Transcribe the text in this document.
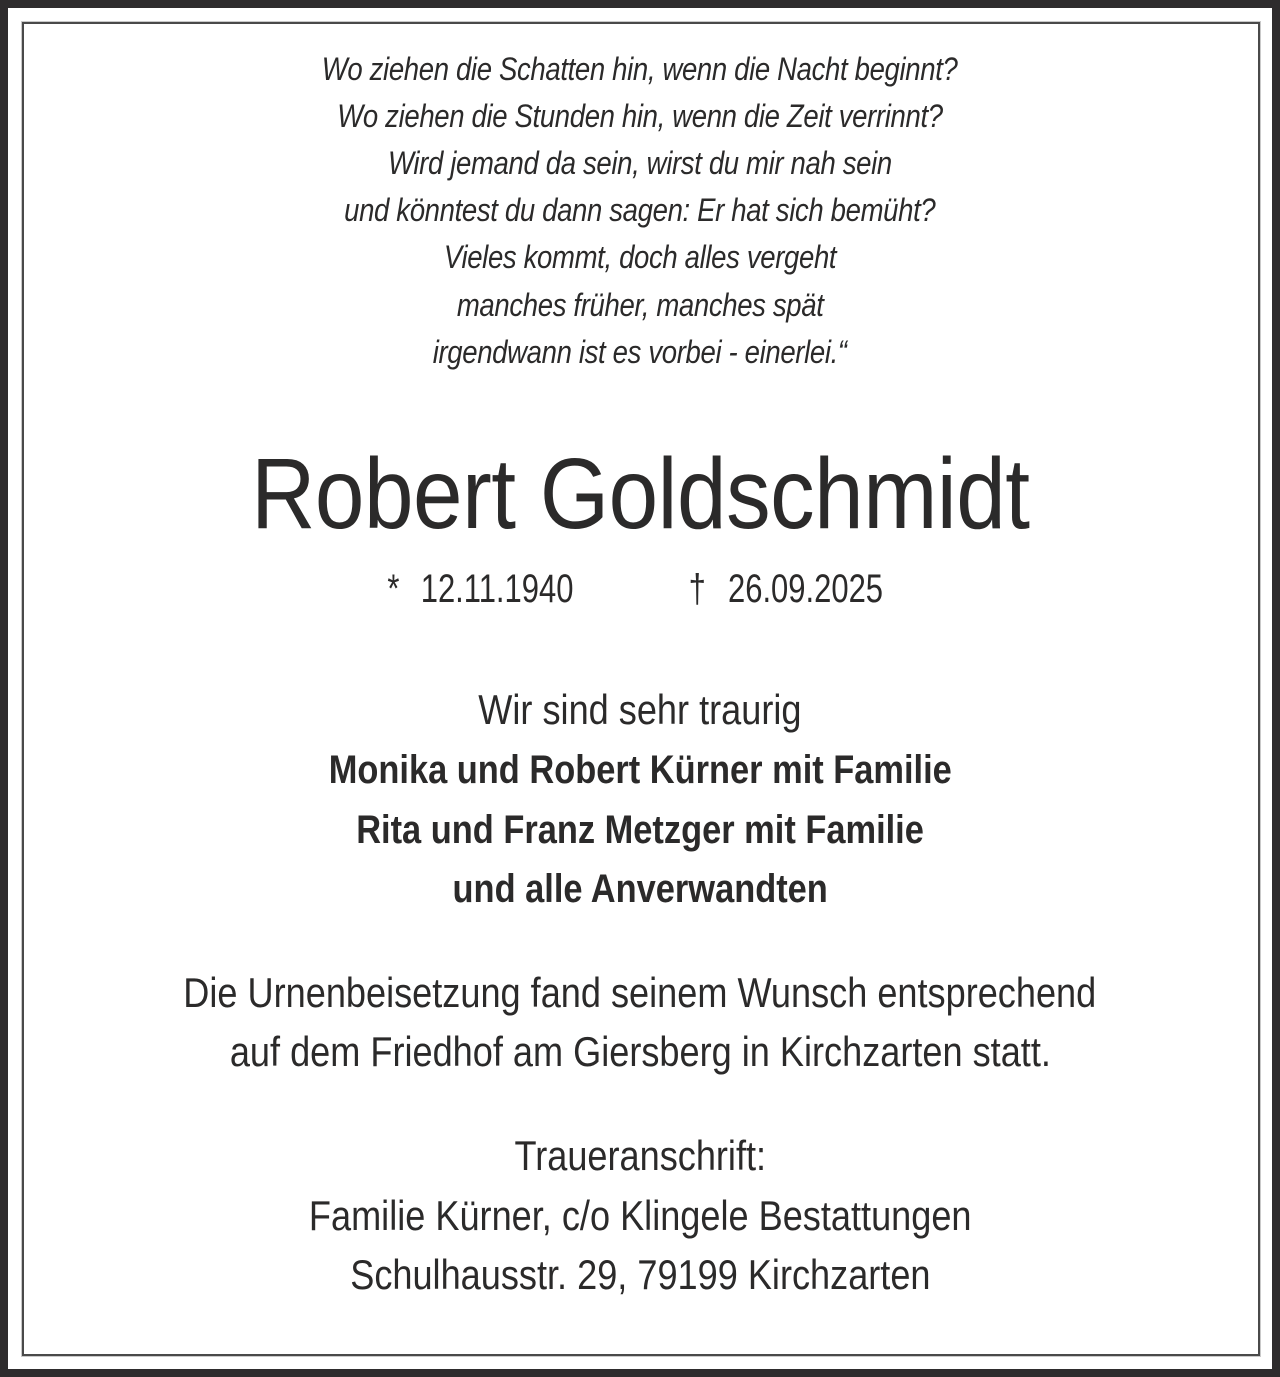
Wo ziehen die Schatten hin, wenn die Nacht beginnt?
Wo ziehen die Stunden hin, wenn die Zeit verrinnt?
Wird jemand da sein, wirst du mir nah sein
und könntest du dann sagen: Er hat sich bemüht?
Vieles kommt, doch alles vergeht
manches früher, manches spät
irgendwann ist es vorbei - einerlei.“
Robert Goldschmidt
* 12.11.1940	† 26.09.2025
Wir sind sehr traurig
Monika und Robert Kürner mit Familie
Rita und Franz Metzger mit Familie
und alle Anverwandten
Die Urnenbeisetzung fand seinem Wunsch entsprechend
auf dem Friedhof am Giersberg in Kirchzarten statt.
Traueranschrift:
Familie Kürner, c/o Klingele Bestattungen
Schulhausstr. 29, 79199 Kirchzarten
